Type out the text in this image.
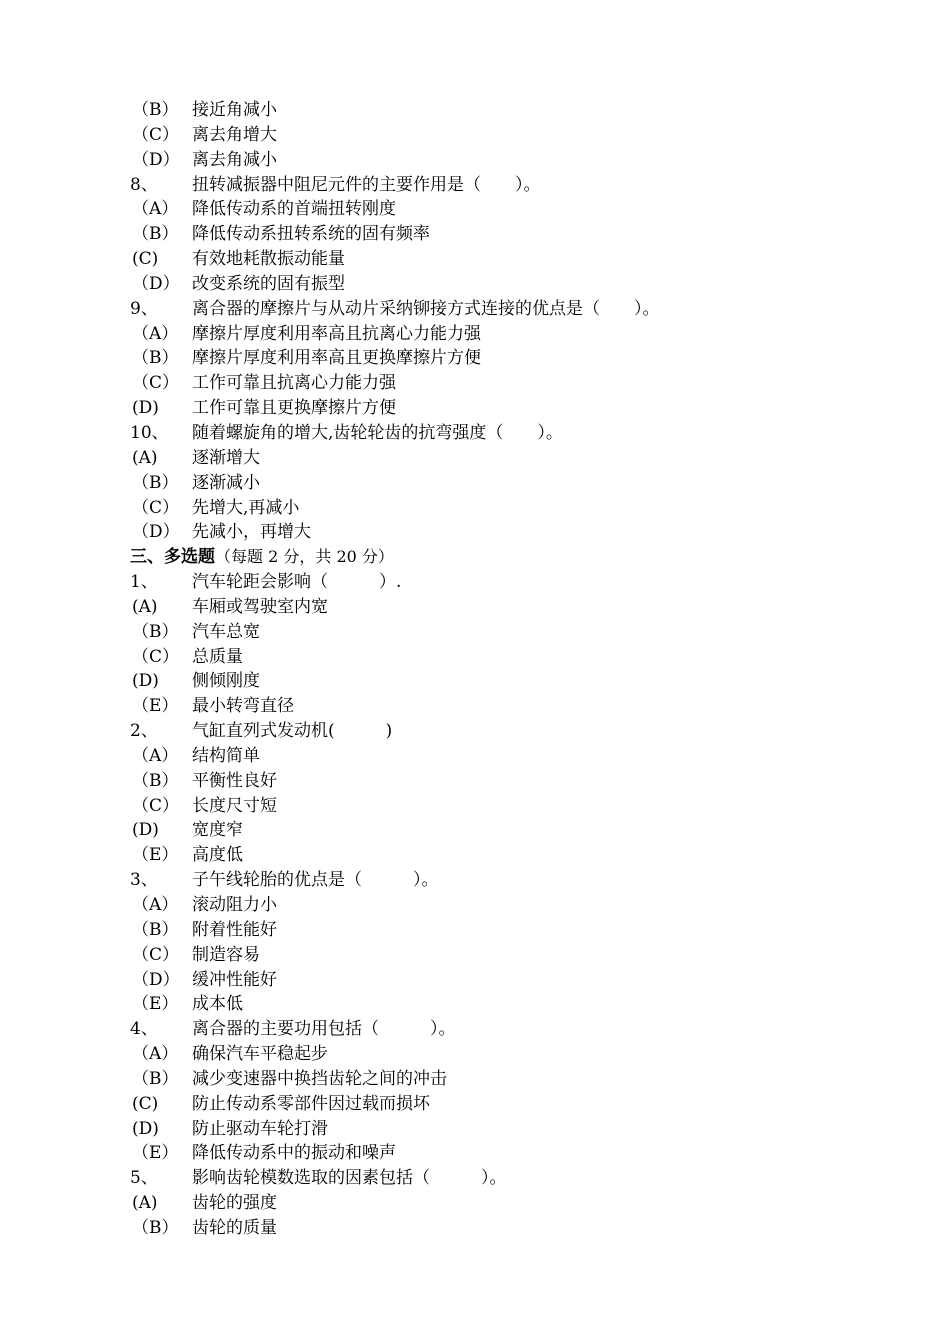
（B） 接近角减小
（C） 离去角增大
（D） 离去角减小
8、 扭转减振器中阻尼元件的主要作用是（　　）。
（A） 降低传动系的首端扭转刚度
（B） 降低传动系扭转系统的固有频率
(C) 有效地耗散振动能量
（D） 改变系统的固有振型
9、 离合器的摩擦片与从动片采纳铆接方式连接的优点是（　　）。
（A） 摩擦片厚度利用率高且抗离心力能力强
（B） 摩擦片厚度利用率高且更换摩擦片方便
（C） 工作可靠且抗离心力能力强
(D) 工作可靠且更换摩擦片方便
10、 随着螺旋角的增大,齿轮轮齿的抗弯强度（　　）。
(A) 逐渐增大
（B） 逐渐减小
（C） 先增大,再减小
（D） 先减小，再增大
三、多选题（每题 2 分，共 20 分）
1、 汽车轮距会影响（　　　）.
(A) 车厢或驾驶室内宽
（B） 汽车总宽
（C） 总质量
(D) 侧倾刚度
（E） 最小转弯直径
2、 气缸直列式发动机(　　　)
（A） 结构简单
（B） 平衡性良好
（C） 长度尺寸短
(D) 宽度窄
（E） 高度低
3、 子午线轮胎的优点是（　　　）。
（A） 滚动阻力小
（B） 附着性能好
（C） 制造容易
（D） 缓冲性能好
（E） 成本低
4、 离合器的主要功用包括（　　　）。
（A） 确保汽车平稳起步
（B） 减少变速器中换挡齿轮之间的冲击
(C) 防止传动系零部件因过载而损坏
(D) 防止驱动车轮打滑
（E） 降低传动系中的振动和噪声
5、 影响齿轮模数选取的因素包括（　　　）。
(A) 齿轮的强度
（B） 齿轮的质量
